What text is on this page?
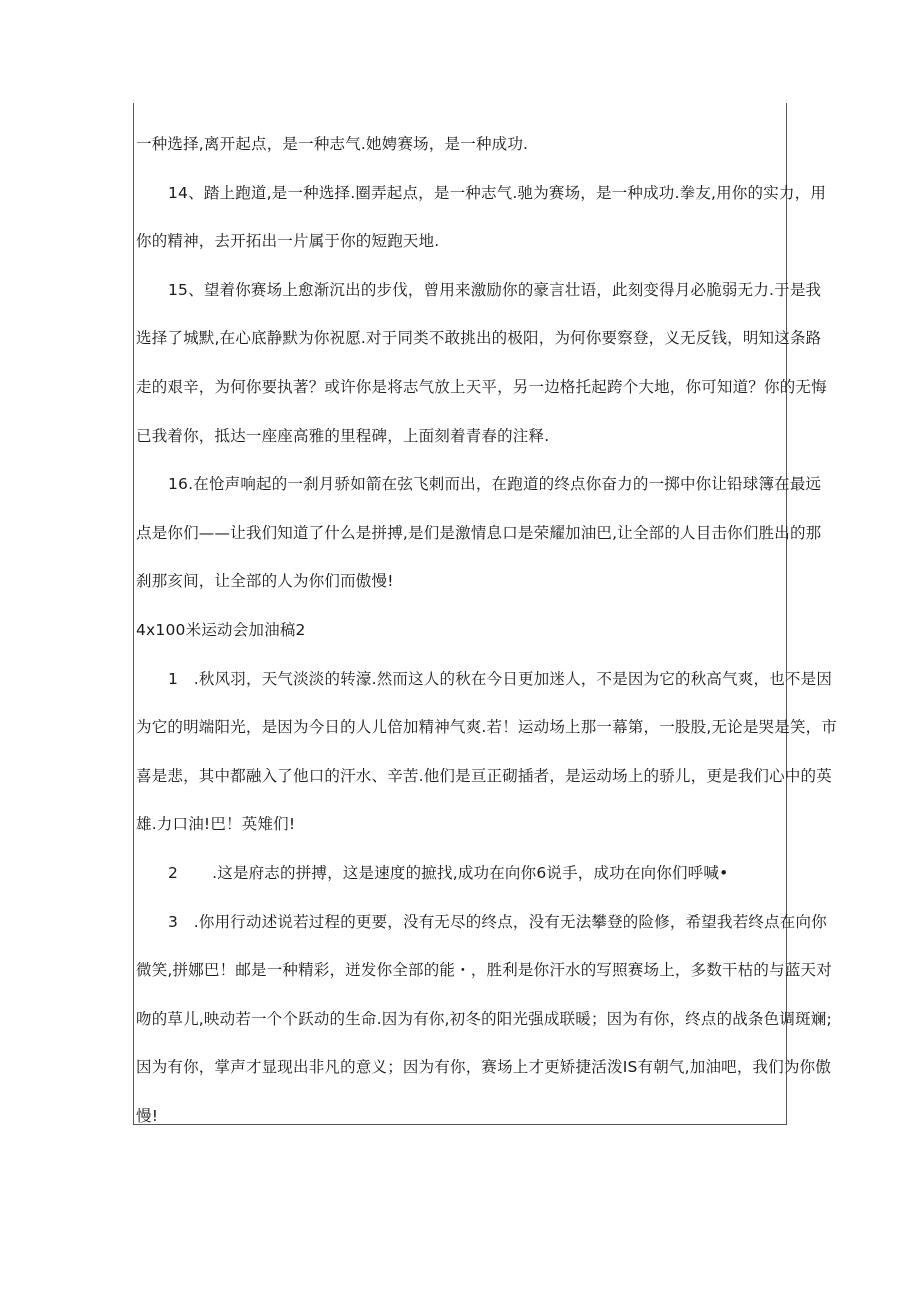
一种选择,离开起点，是一种志气.她娉赛场，是一种成功.

14、踏上跑道,是一种选择.圈弄起点，是一种志气.驰为赛场，是一种成功.拳友,用你的实力，用

你的精神，去开拓出一片属于你的短跑天地.

15、望着你赛场上愈渐沉出的步伐，曾用来激励你的豪言壮语，此刻变得月必脆弱无力.于是我

选择了城默,在心底静默为你祝愿.对于同类不敢挑出的极阳，为何你要察登，义无反钱，明知这条路

走的艰辛，为何你要执著？或许你是将志气放上天平，另一边格托起跨个大地，你可知道？你的无悔

已我着你，抵达一座座高雅的里程碑，上面刻着青春的注释.

16.在怆声响起的一刹月骄如箭在弦飞刺而出，在跑道的终点你奋力的一掷中你让铅球簿在最远

点是你们——让我们知道了什么是拼搏,是们是激情息口是荣耀加油巴,让全部的人目击你们胜出的那

刹那亥间，让全部的人为你们而傲慢!

4x100米运动会加油稿2

1　.秋风羽，天气淡淡的转濠.然而这人的秋在今日更加迷人，不是因为它的秋高气爽，也不是因

为它的明端阳光，是因为今日的人儿倍加精神气爽.若！运动场上那一幕第，一股股,无论是哭是笑，市

喜是悲，其中都融入了他口的汗水、辛苦.他们是亘正砌插者，是运动场上的骄儿，更是我们心中的英

雄.力口油!巴！英雉们!

2 .这是府志的拼搏，这是速度的摭找,成功在向你6说手，成功在向你们呼喊•

3　.你用行动述说若过程的更要，没有无尽的终点，没有无法攀登的险修，希望我若终点在向你

微笑,拼娜巴！邮是一种精彩，迸发你全部的能・，胜利是你汗水的写照赛场上，多数干枯的与蓝天对

吻的草儿,映动若一个个跃动的生命.因为有你,初冬的阳光强成联暖；因为有你，终点的战条色调斑斓;

因为有你，掌声才显现出非凡的意义；因为有你，赛场上才更矫捷活泼IS有朝气,加油吧，我们为你傲

慢!
